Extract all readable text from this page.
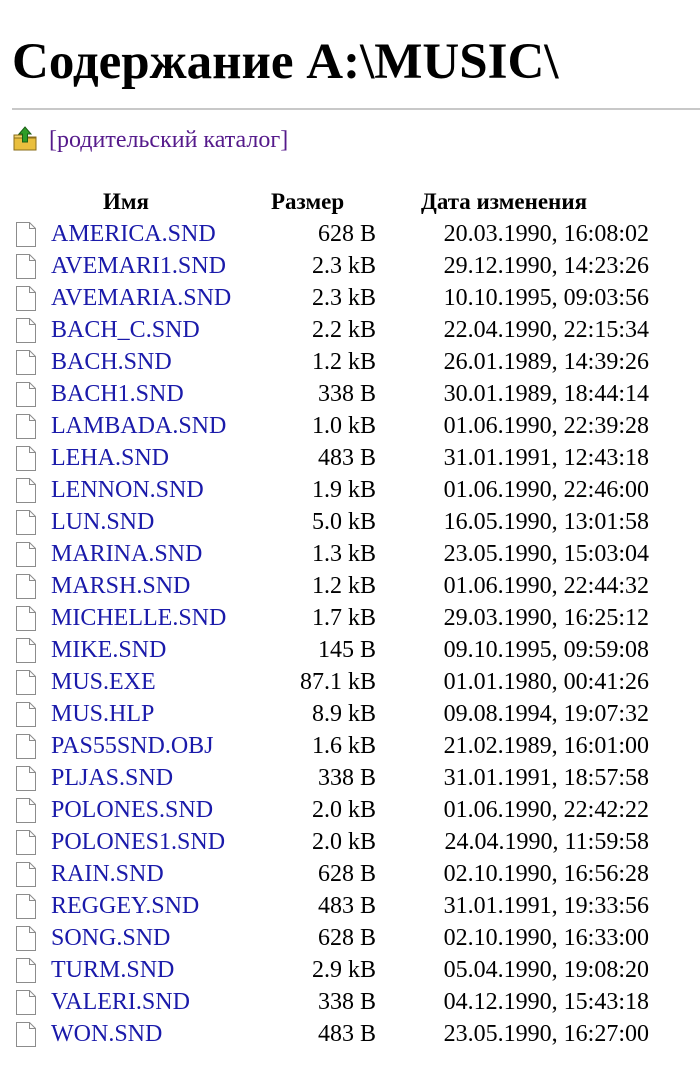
Содержание A:\MUSIC\
[родительский каталог]
Имя	Размер	Дата изменения
AMERICA.SND	628 B	20.03.1990, 16:08:02
AVEMARI1.SND	2.3 kB	29.12.1990, 14:23:26
AVEMARIA.SND	2.3 kB	10.10.1995, 09:03:56
BACH_C.SND	2.2 kB	22.04.1990, 22:15:34
BACH.SND	1.2 kB	26.01.1989, 14:39:26
BACH1.SND	338 B	30.01.1989, 18:44:14
LAMBADA.SND	1.0 kB	01.06.1990, 22:39:28
LEHA.SND	483 B	31.01.1991, 12:43:18
LENNON.SND	1.9 kB	01.06.1990, 22:46:00
LUN.SND	5.0 kB	16.05.1990, 13:01:58
MARINA.SND	1.3 kB	23.05.1990, 15:03:04
MARSH.SND	1.2 kB	01.06.1990, 22:44:32
MICHELLE.SND	1.7 kB	29.03.1990, 16:25:12
MIKE.SND	145 B	09.10.1995, 09:59:08
MUS.EXE	87.1 kB	01.01.1980, 00:41:26
MUS.HLP	8.9 kB	09.08.1994, 19:07:32
PAS55SND.OBJ	1.6 kB	21.02.1989, 16:01:00
PLJAS.SND	338 B	31.01.1991, 18:57:58
POLONES.SND	2.0 kB	01.06.1990, 22:42:22
POLONES1.SND	2.0 kB	24.04.1990, 11:59:58
RAIN.SND	628 B	02.10.1990, 16:56:28
REGGEY.SND	483 B	31.01.1991, 19:33:56
SONG.SND	628 B	02.10.1990, 16:33:00
TURM.SND	2.9 kB	05.04.1990, 19:08:20
VALERI.SND	338 B	04.12.1990, 15:43:18
WON.SND	483 B	23.05.1990, 16:27:00
